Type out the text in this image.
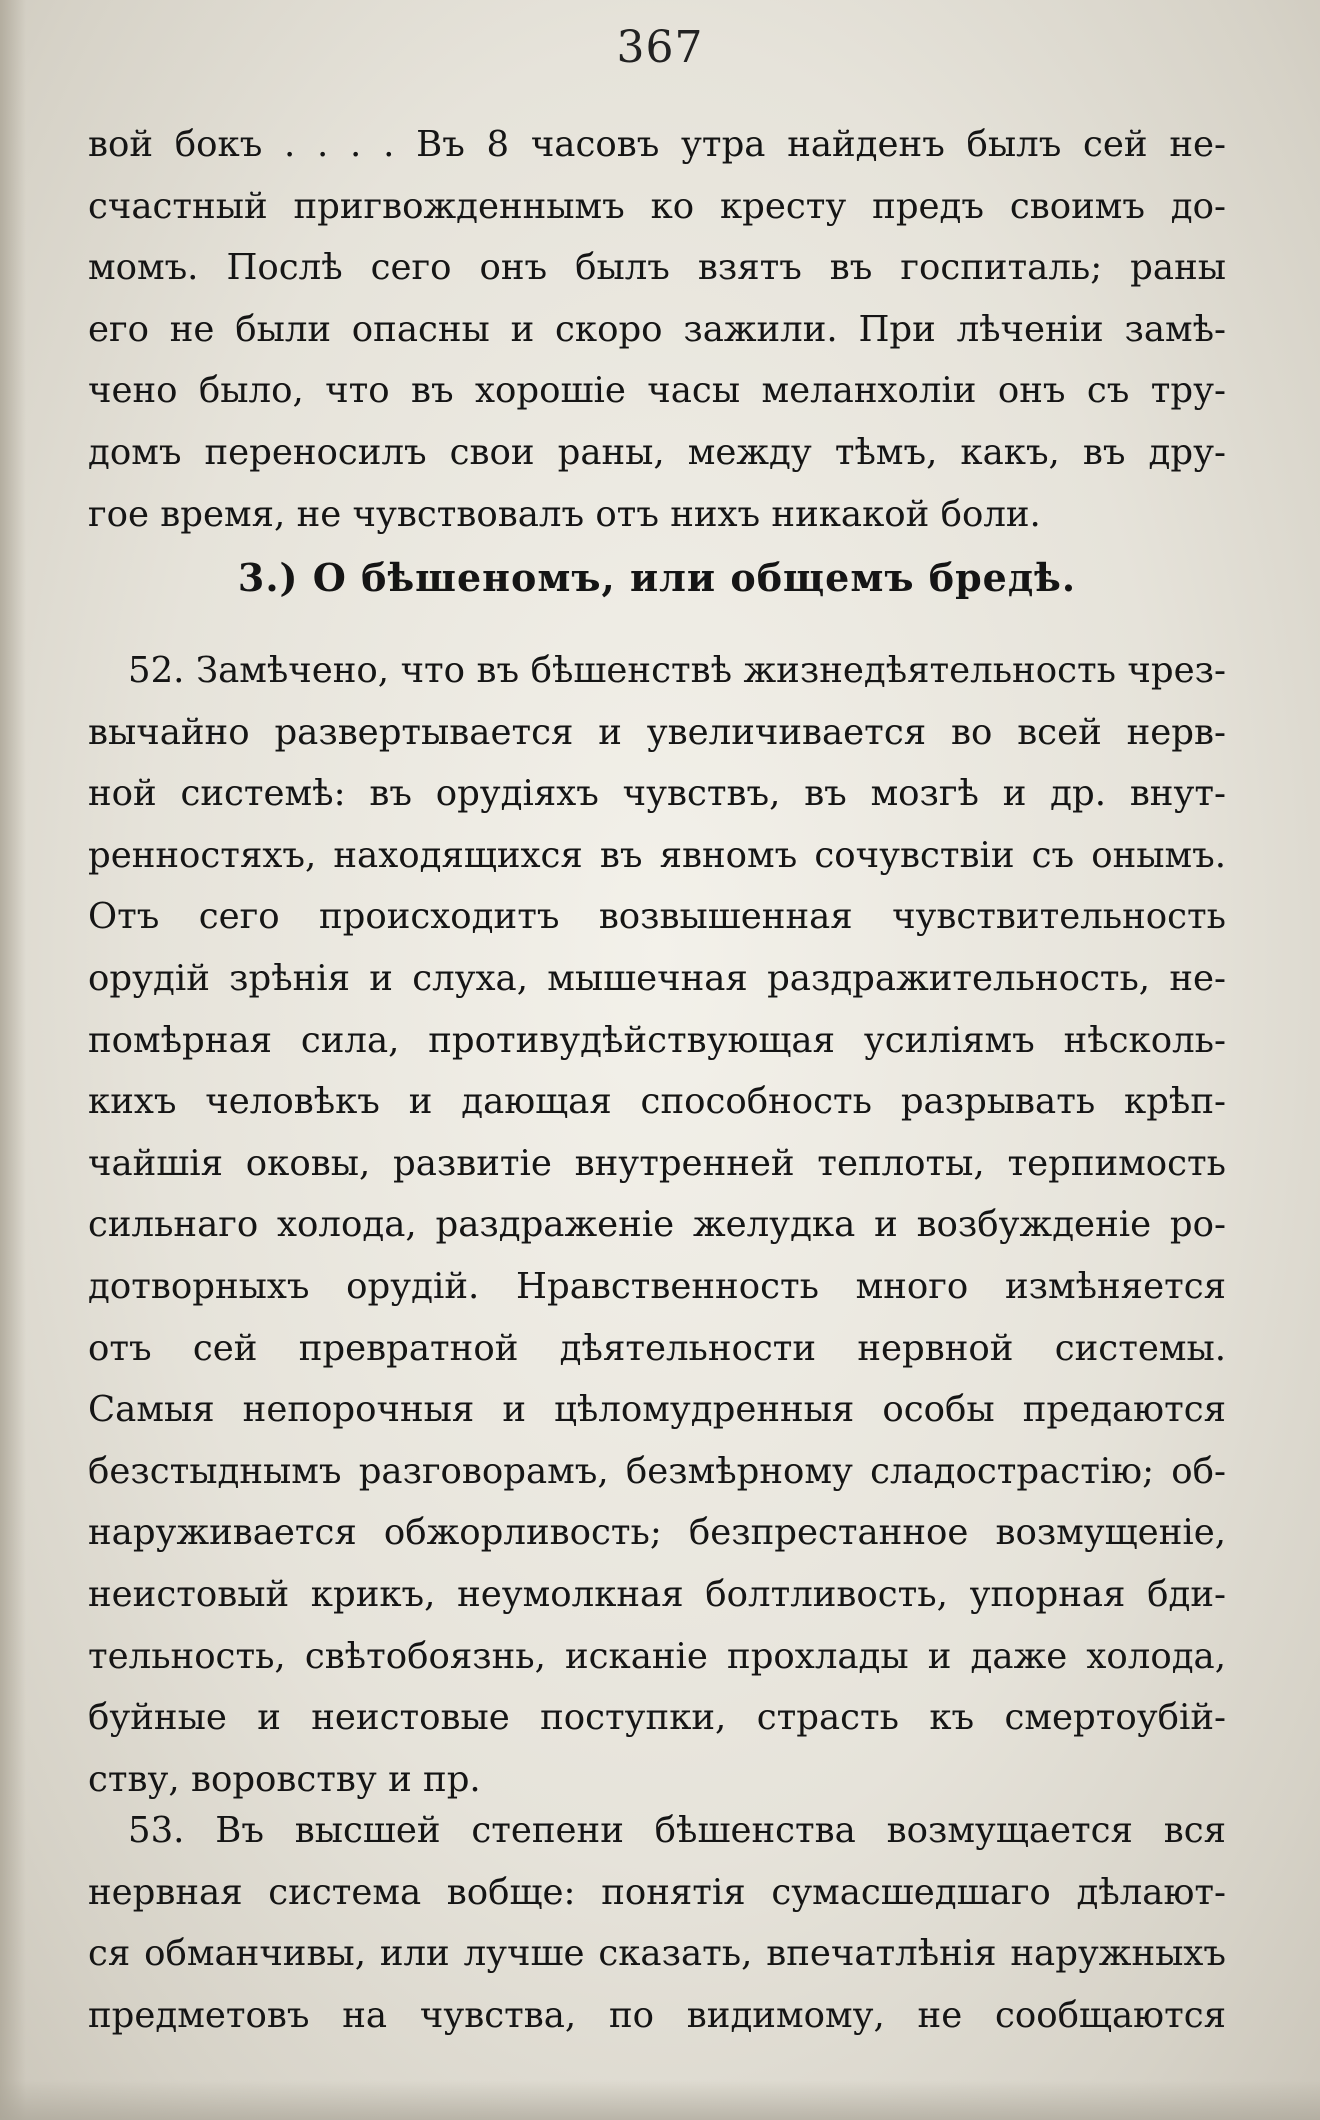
367
вой бокъ . . . . Въ 8 часовъ утра найденъ былъ сей не-
счастный пригвожденнымъ ко кресту предъ своимъ до-
момъ. Послѣ сего онъ былъ взятъ въ госпиталь; раны
его не были опасны и скоро зажили. При лѣченіи замѣ-
чено было, что въ хорошіе часы меланхоліи онъ съ тру-
домъ переносилъ свои раны, между тѣмъ, какъ, въ дру-
гое время, не чувствовалъ отъ нихъ никакой боли.
3.) О бѣшеномъ, или общемъ бредѣ.
52. Замѣчено, что въ бѣшенствѣ жизнедѣятельность чрез-
вычайно развертывается и увеличивается во всей нерв-
ной системѣ: въ орудіяхъ чувствъ, въ мозгѣ и др. внут-
ренностяхъ, находящихся въ явномъ сочувствіи съ онымъ.
Отъ сего происходитъ возвышенная чувствительность
орудій зрѣнія и слуха, мышечная раздражительность, не-
помѣрная сила, противудѣйствующая усиліямъ нѣсколь-
кихъ человѣкъ и дающая способность разрывать крѣп-
чайшія оковы, развитіе внутренней теплоты, терпимость
сильнаго холода, раздраженіе желудка и возбужденіе ро-
дотворныхъ орудій. Нравственность много измѣняется
отъ сей превратной дѣятельности нервной системы.
Самыя непорочныя и цѣломудренныя особы предаются
безстыднымъ разговорамъ, безмѣрному сладострастію; об-
наруживается обжорливость; безпрестанное возмущеніе,
неистовый крикъ, неумолкная болтливость, упорная бди-
тельность, свѣтобоязнь, исканіе прохлады и даже холода,
буйные и неистовые поступки, страсть къ смертоубій-
ству, воровству и пр.
53. Въ высшей степени бѣшенства возмущается вся
нервная система вобще: понятія сумасшедшаго дѣлают-
ся обманчивы, или лучше сказать, впечатлѣнія наружныхъ
предметовъ на чувства, по видимому, не сообщаются
